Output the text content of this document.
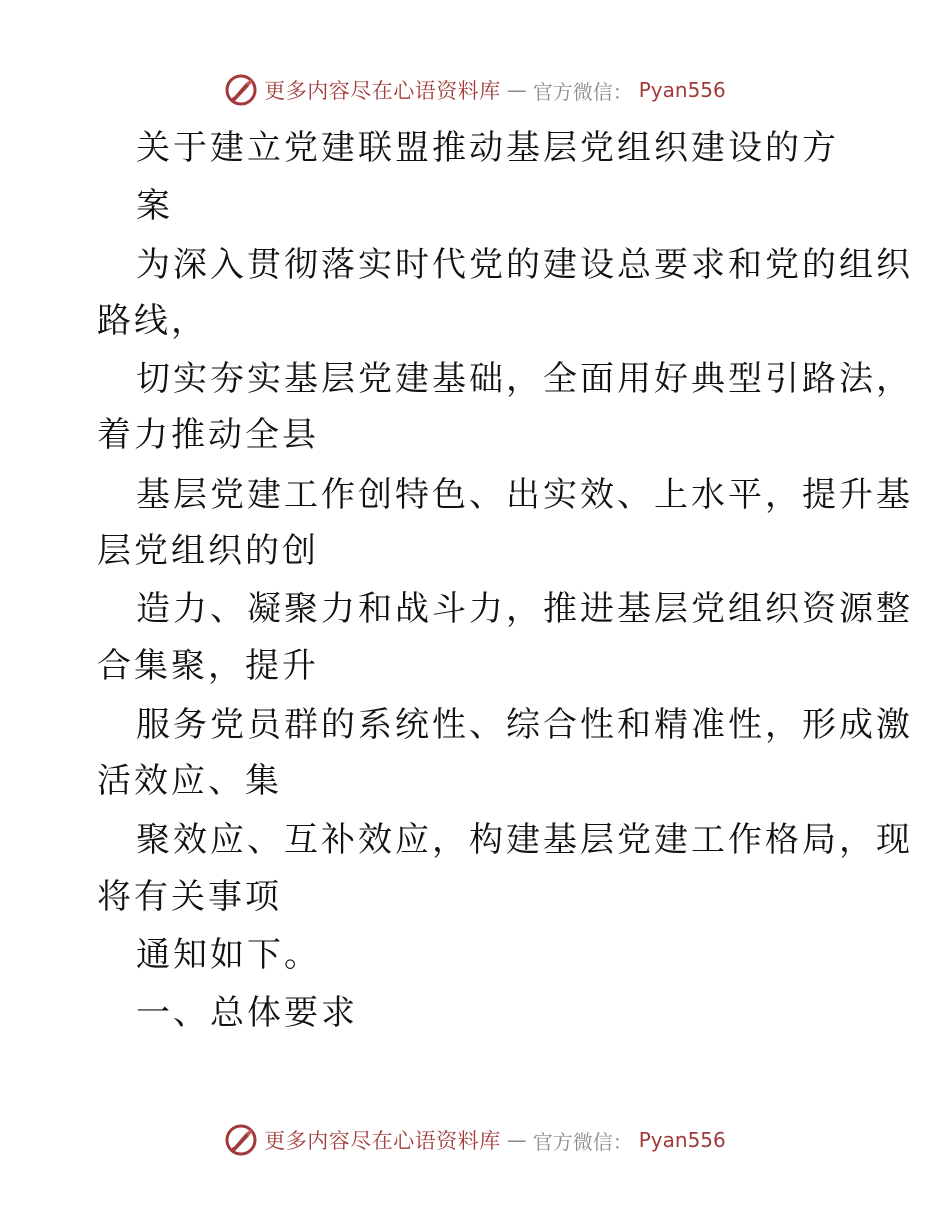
更多内容尽在心语资料库 — 官方微信： Pyan556
关于建立党建联盟推动基层党组织建设的方
案
为深入贯彻落实时代党的建设总要求和党的组织
路线，
切实夯实基层党建基础，全面用好典型引路法，
着力推动全县
基层党建工作创特色、出实效、上水平，提升基
层党组织的创
造力、凝聚力和战斗力，推进基层党组织资源整
合集聚，提升
服务党员群的系统性、综合性和精准性，形成激
活效应、集
聚效应、互补效应，构建基层党建工作格局，现
将有关事项
通知如下。
一、总体要求
更多内容尽在心语资料库 — 官方微信： Pyan556
